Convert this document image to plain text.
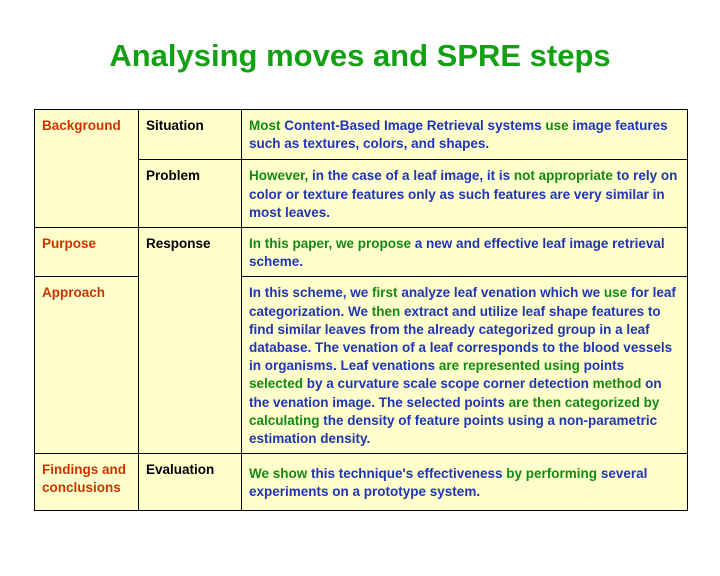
Analysing moves and SPRE steps
Background	Situation	Most Content-Based Image Retrieval systems use image features such as textures, colors, and shapes.
	Problem	However, in the case of a leaf image, it is not appropriate to rely on color or texture features only as such features are very similar in most leaves.
Purpose	Response	In this paper, we propose a new and effective leaf image retrieval scheme.
Approach		In this scheme, we first analyze leaf venation which we use for leaf categorization. We then extract and utilize leaf shape features to find similar leaves from the already categorized group in a leaf database. The venation of a leaf corresponds to the blood vessels in organisms. Leaf venations are represented using points selected by a curvature scale scope corner detection method on the venation image. The selected points are then categorized by calculating the density of feature points using a non-parametric estimation density.
Findings and conclusions	Evaluation	We show this technique's effectiveness by performing several experiments on a prototype system.
